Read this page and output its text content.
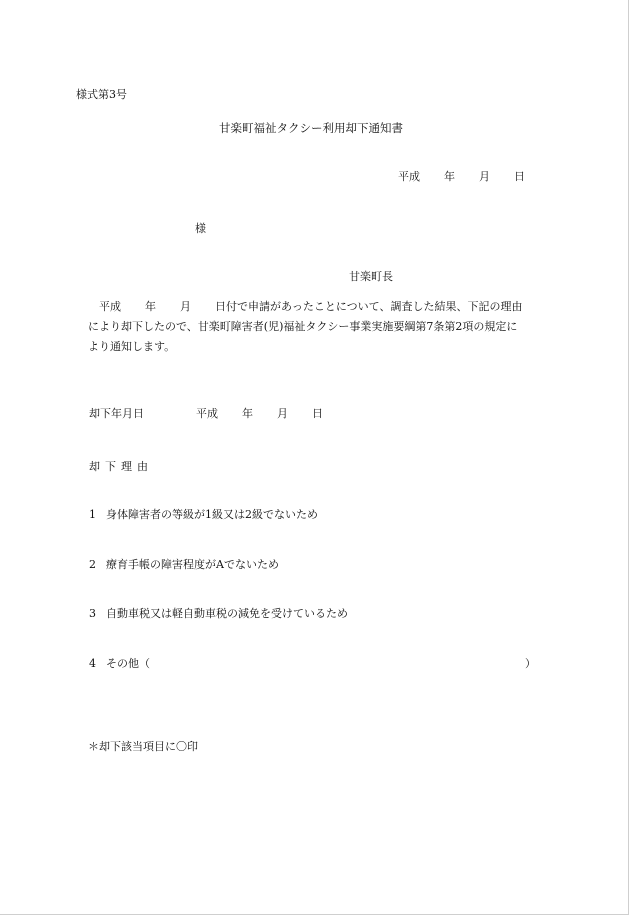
様式第3号
甘楽町福祉タクシー利用却下通知書
平成 年 月 日
様
甘楽町長

　平成 年 月 日付で申請があったことについて、調査した結果、下記の理由

により却下したので、甘楽町障害者(児)福祉タクシー事業実施要綱第7条第2項の規定に

より通知します。

却下年月日	平成 年 月 日
却下理由
1 身体障害者の等級が1級又は2級でないため
2 療育手帳の障害程度がAでないため
3 自動車税又は軽自動車税の減免を受けているため
4 その他（	）
＊却下該当項目に〇印
